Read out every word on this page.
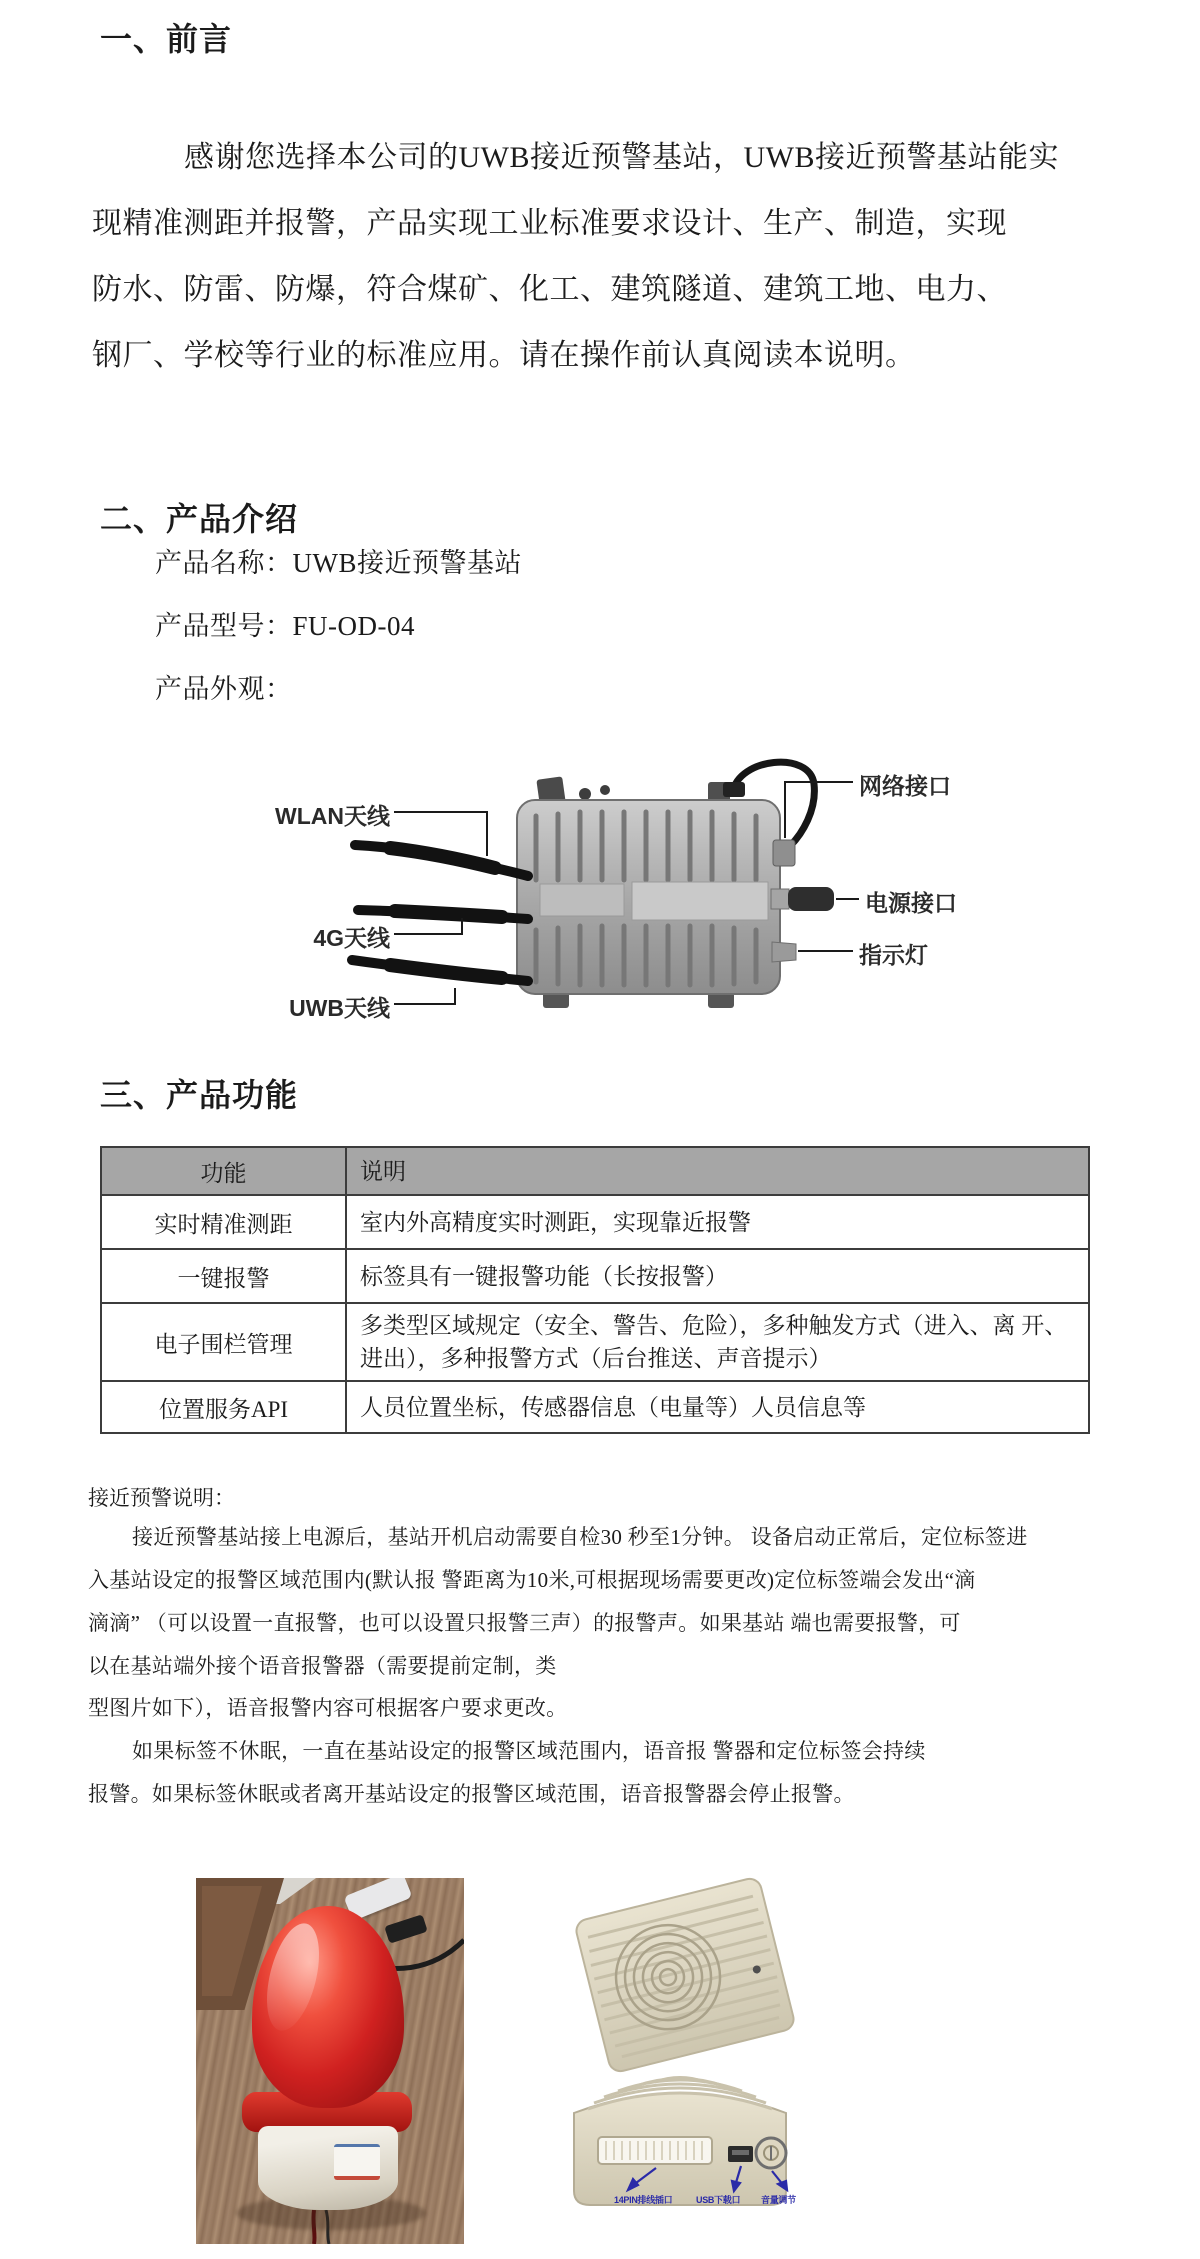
一、前言
感谢您选择本公司的UWB接近预警基站，UWB接近预警基站能实
现精准测距并报警，产品实现工业标准要求设计、生产、制造，实现
防水、防雷、防爆，符合煤矿、化工、建筑隧道、建筑工地、电力、
钢厂、学校等行业的标准应用。请在操作前认真阅读本说明。
二、产品介绍
产品名称：UWB接近预警基站
产品型号：FU-OD-04
产品外观：
WLAN天线
4G天线
UWB天线
网络接口
电源接口
指示灯
三、产品功能
功能	说明
实时精准测距	室内外高精度实时测距，实现靠近报警
一键报警	标签具有一键报警功能（长按报警）
电子围栏管理	多类型区域规定（安全、警告、危险），多种触发方式（进入、离 开、进出），多种报警方式（后台推送、声音提示）
位置服务API	人员位置坐标，传感器信息（电量等）人员信息等
接近预警说明：
接近预警基站接上电源后，基站开机启动需要自检30 秒至1分钟。 设备启动正常后，定位标签进
入基站设定的报警区域范围内(默认报 警距离为10米,可根据现场需要更改)定位标签端会发出“滴
滴滴” （可以设置一直报警，也可以设置只报警三声）的报警声。如果基站 端也需要报警，可
以在基站端外接个语音报警器（需要提前定制，类
型图片如下），语音报警内容可根据客户要求更改。
如果标签不休眠，一直在基站设定的报警区域范围内，语音报 警器和定位标签会持续
报警。如果标签休眠或者离开基站设定的报警区域范围，语音报警器会停止报警。
14PIN排线插口	USB下载口 音量调节
